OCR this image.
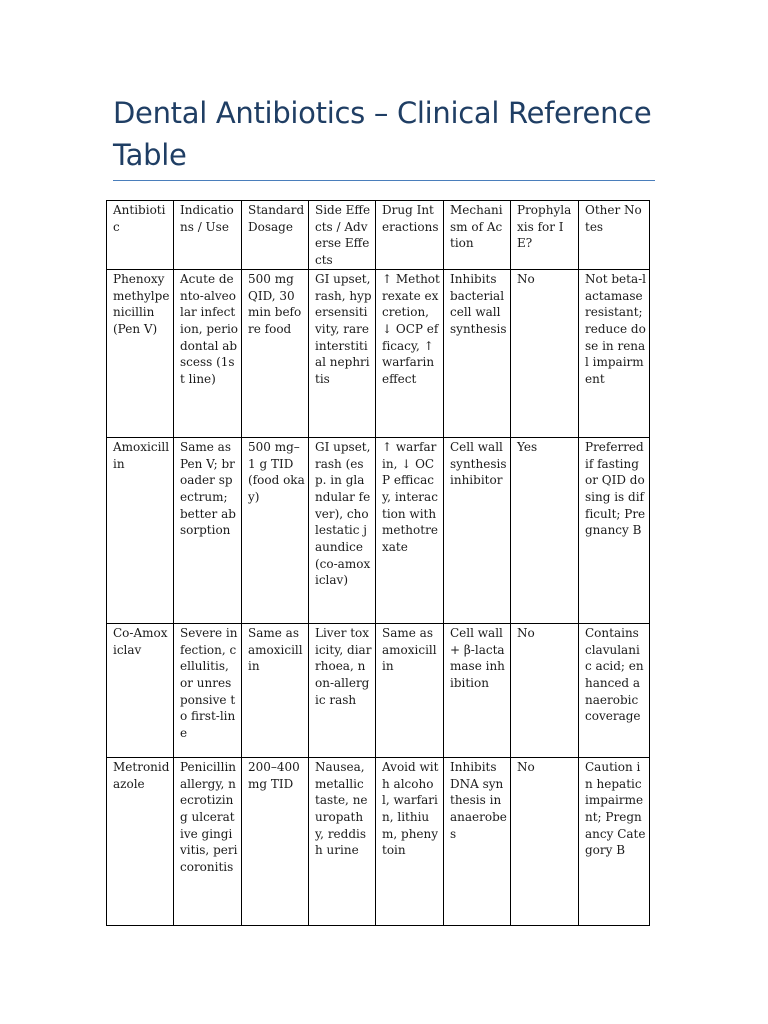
Dental Antibiotics – Clinical Reference Table
Antibiotic	Indications / Use	Standard Dosage	Side Effects / Adverse Effects	Drug Interactions	Mechanism of Action	Prophylaxis for IE?	Other Notes
Phenoxymethylpenicillin (Pen V)	Acute dento-alveolar infection, periodontal abscess (1st line)	500 mg QID, 30 min before food	GI upset, rash, hypersensitivity, rare interstitial nephritis	↑ Methotrexate excretion, ↓ OCP efficacy, ↑ warfarin effect	Inhibits bacterial cell wall synthesis	No	Not beta-lactamase resistant; reduce dose in renal impairment
Amoxicillin	Same as Pen V; broader spectrum; better absorption	500 mg–1 g TID (food okay)	GI upset, rash (esp. in glandular fever), cholestatic jaundice (co-amoxiclav)	↑ warfarin, ↓ OCP efficacy, interaction with methotrexate	Cell wall synthesis inhibitor	Yes	Preferred if fasting or QID dosing is difficult; Pregnancy B
Co-Amoxiclav	Severe infection, cellulitis, or unresponsive to first-line	Same as amoxicillin	Liver toxicity, diarrhoea, non-allergic rash	Same as amoxicillin	Cell wall + β-lactamase inhibition	No	Contains clavulanic acid; enhanced anaerobic coverage
Metronidazole	Penicillin allergy, necrotizing ulcerative gingivitis, pericoronitis	200–400 mg TID	Nausea, metallic taste, neuropathy, reddish urine	Avoid with alcohol, warfarin, lithium, phenytoin	Inhibits DNA synthesis in anaerobes	No	Caution in hepatic impairment; Pregnancy Category B
